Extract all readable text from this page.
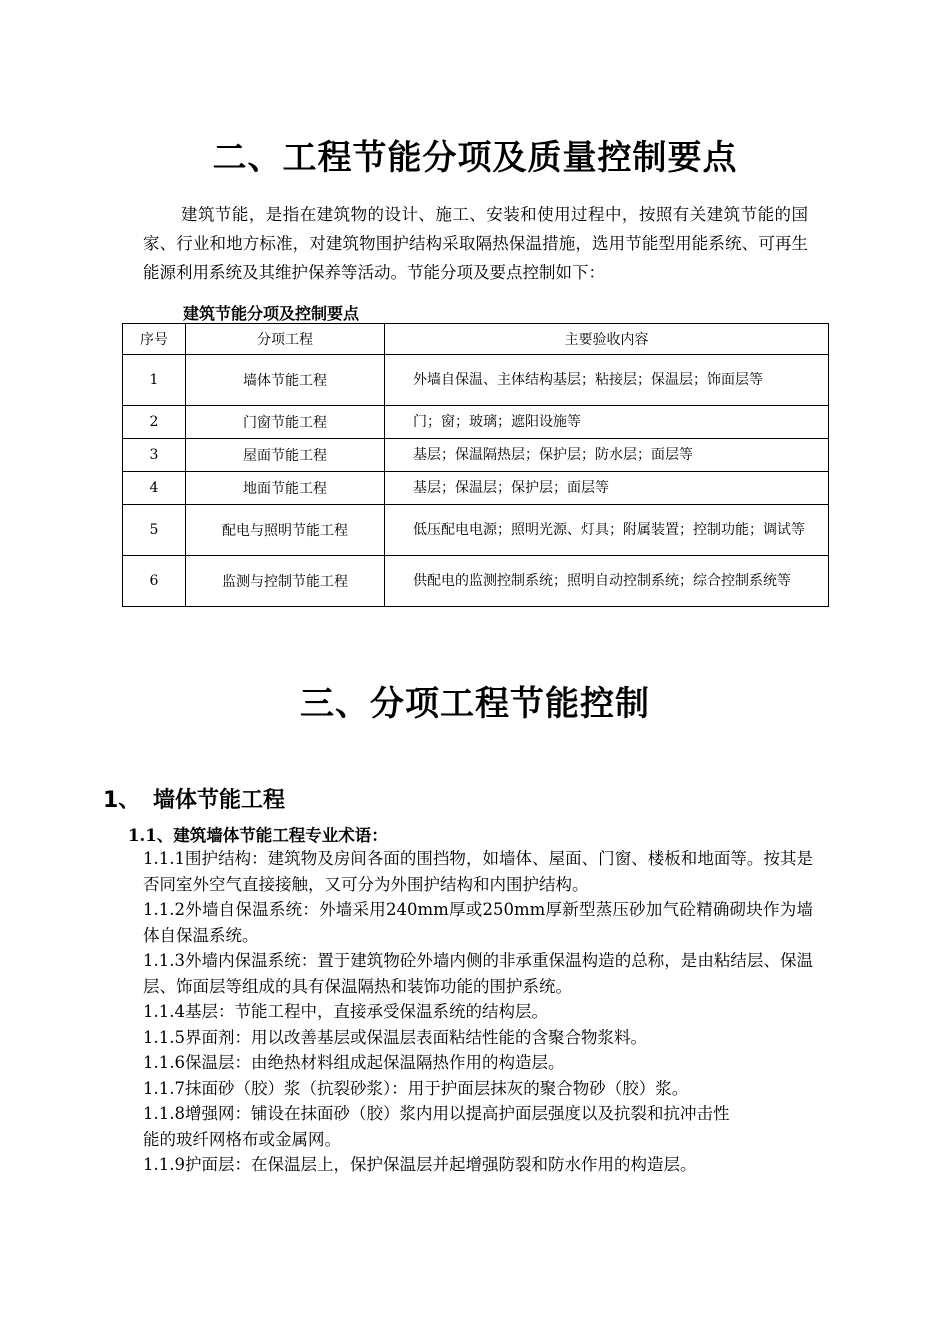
二、工程节能分项及质量控制要点

建筑节能，是指在建筑物的设计、施工、安装和使用过程中，按照有关建筑节能的国家、行业和地方标准，对建筑物围护结构采取隔热保温措施，选用节能型用能系统、可再生能源利用系统及其维护保养等活动。节能分项及要点控制如下：

建筑节能分项及控制要点
序号	分项工程	主要验收内容
1	墙体节能工程	外墙自保温、主体结构基层；粘接层；保温层；饰面层等
2	门窗节能工程	门；窗；玻璃；遮阳设施等
3	屋面节能工程	基层；保温隔热层；保护层；防水层；面层等
4	地面节能工程	基层；保温层；保护层；面层等
5	配电与照明节能工程	低压配电电源；照明光源、灯具；附属装置；控制功能；调试等
6	监测与控制节能工程	供配电的监测控制系统；照明自动控制系统；综合控制系统等
三、分项工程节能控制
1、 墙体节能工程
1.1、建筑墙体节能工程专业术语：

1.1.1围护结构：建筑物及房间各面的围挡物，如墙体、屋面、门窗、楼板和地面等。按其是否同室外空气直接接触，又可分为外围护结构和内围护结构。

1.1.2外墙自保温系统：外墙采用240mm厚或250mm厚新型蒸压砂加气砼精确砌块作为墙体自保温系统。

1.1.3外墙内保温系统：置于建筑物砼外墙内侧的非承重保温构造的总称，是由粘结层、保温层、饰面层等组成的具有保温隔热和装饰功能的围护系统。

1.1.4基层：节能工程中，直接承受保温系统的结构层。

1.1.5界面剂：用以改善基层或保温层表面粘结性能的含聚合物浆料。

1.1.6保温层：由绝热材料组成起保温隔热作用的构造层。

1.1.7抹面砂（胶）浆（抗裂砂浆）：用于护面层抹灰的聚合物砂（胶）浆。

1.1.8增强网：铺设在抹面砂（胶）浆内用以提高护面层强度以及抗裂和抗冲击性

能的玻纤网格布或金属网。

1.1.9护面层：在保温层上，保护保温层并起增强防裂和防水作用的构造层。
